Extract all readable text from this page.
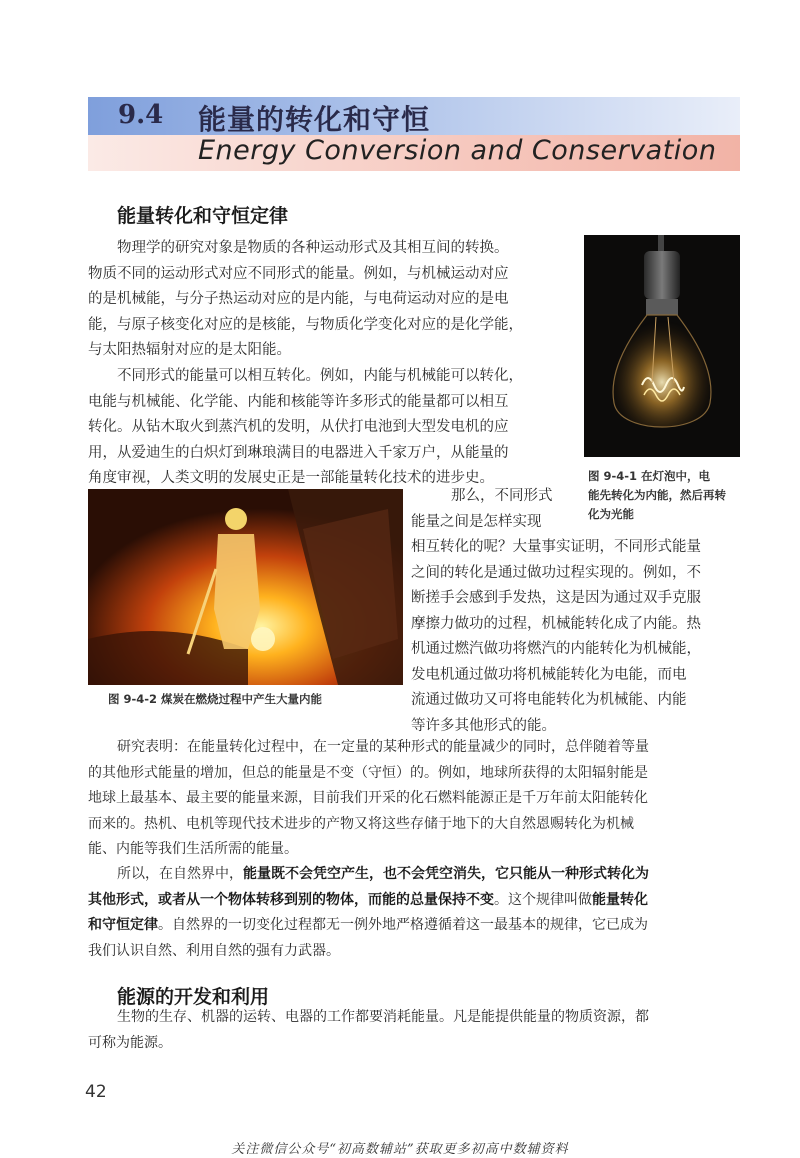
9.4 能量的转化和守恒
Energy Conversion and Conservation
能量转化和守恒定律
物理学的研究对象是物质的各种运动形式及其相互间的转换。
物质不同的运动形式对应不同形式的能量。例如，与机械运动对应
的是机械能，与分子热运动对应的是内能，与电荷运动对应的是电
能，与原子核变化对应的是核能，与物质化学变化对应的是化学能，
与太阳热辐射对应的是太阳能。
不同形式的能量可以相互转化。例如，内能与机械能可以转化，
电能与机械能、化学能、内能和核能等许多形式的能量都可以相互
转化。从钻木取火到蒸汽机的发明，从伏打电池到大型发电机的应
用，从爱迪生的白炽灯到琳琅满目的电器进入千家万户，从能量的
角度审视，人类文明的发展史正是一部能量转化技术的进步史。	图 9-4-1 在灯泡中，电
能先转化为内能，然后再转
化为光能
图 9-4-2 煤炭在燃烧过程中产生大量内能
那么，不同形式
能量之间是怎样实现
相互转化的呢？大量事实证明，不同形式能量
之间的转化是通过做功过程实现的。例如，不
断搓手会感到手发热，这是因为通过双手克服
摩擦力做功的过程，机械能转化成了内能。热
机通过燃汽做功将燃汽的内能转化为机械能，
发电机通过做功将机械能转化为电能，而电
流通过做功又可将电能转化为机械能、内能
等许多其他形式的能。
研究表明：在能量转化过程中，在一定量的某种形式的能量减少的同时，总伴随着等量
的其他形式能量的增加，但总的能量是不变（守恒）的。例如，地球所获得的太阳辐射能是
地球上最基本、最主要的能量来源，目前我们开采的化石燃料能源正是千万年前太阳能转化
而来的。热机、电机等现代技术进步的产物又将这些存储于地下的大自然恩赐转化为机械
能、内能等我们生活所需的能量。
所以，在自然界中，能量既不会凭空产生，也不会凭空消失，它只能从一种形式转化为
其他形式，或者从一个物体转移到别的物体，而能的总量保持不变。这个规律叫做能量转化
和守恒定律。自然界的一切变化过程都无一例外地严格遵循着这一最基本的规律，它已成为
我们认识自然、利用自然的强有力武器。
能源的开发和利用
生物的生存、机器的运转、电器的工作都要消耗能量。凡是能提供能量的物质资源，都
可称为能源。
42
关注微信公众号“初高数辅站”获取更多初高中数辅资料
